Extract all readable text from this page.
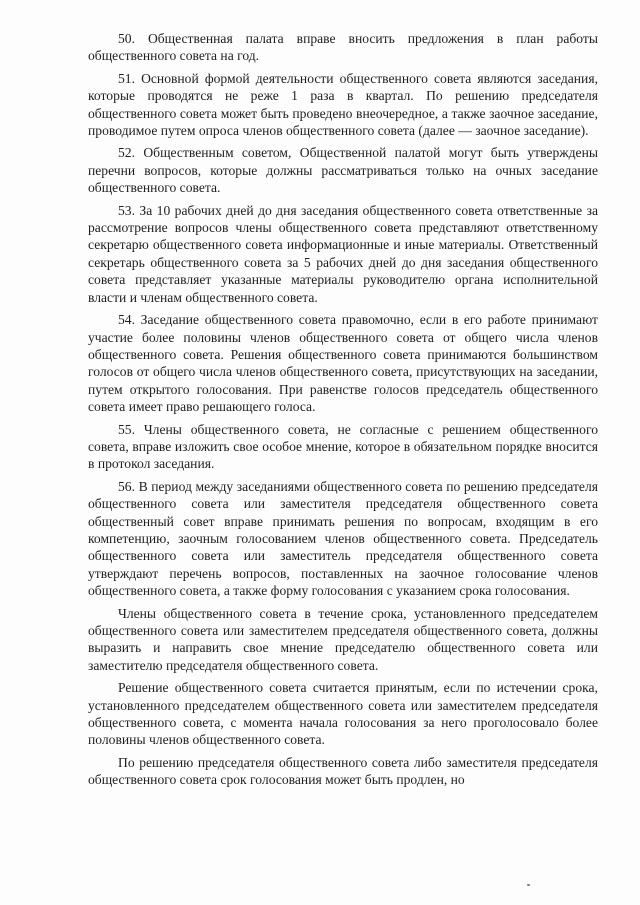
50. Общественная палата вправе вносить предложения в план работы общественного совета на год.

51. Основной формой деятельности общественного совета являются заседания, которые проводятся не реже 1 раза в квартал. По решению председателя общественного совета может быть проведено внеочередное, а также заочное заседание, проводимое путем опроса членов общественного совета (далее — заочное заседание).

52. Общественным советом, Общественной палатой могут быть утверждены перечни вопросов, которые должны рассматриваться только на очных заседание общественного совета.

53. За 10 рабочих дней до дня заседания общественного совета ответственные за рассмотрение вопросов члены общественного совета представляют ответственному секретарю общественного совета информационные и иные материалы. Ответственный секретарь общественного совета за 5 рабочих дней до дня заседания общественного совета представляет указанные материалы руководителю органа исполнительной власти и членам общественного совета.

54. Заседание общественного совета правомочно, если в его работе принимают участие более половины членов общественного совета от общего числа членов общественного совета. Решения общественного совета принимаются большинством голосов от общего числа членов общественного совета, присутствующих на заседании, путем открытого голосования. При равенстве голосов председатель общественного совета имеет право решающего голоса.

55. Члены общественного совета, не согласные с решением общественного совета, вправе изложить свое особое мнение, которое в обязательном порядке вносится в протокол заседания.

56. В период между заседаниями общественного совета по решению председателя общественного совета или заместителя председателя общественного совета общественный совет вправе принимать решения по вопросам, входящим в его компетенцию, заочным голосованием членов общественного совета. Председатель общественного совета или заместитель председателя общественного совета утверждают перечень вопросов, поставленных на заочное голосование членов общественного совета, а также форму голосования с указанием срока голосования.

Члены общественного совета в течение срока, установленного председателем общественного совета или заместителем председателя общественного совета, должны выразить и направить свое мнение председателю общественного совета или заместителю председателя общественного совета.

Решение общественного совета считается принятым, если по истечении срока, установленного председателем общественного совета или заместителем председателя общественного совета, с момента начала голосования за него проголосовало более половины членов общественного совета.

По решению председателя общественного совета либо заместителя председателя общественного совета срок голосования может быть продлен, но
